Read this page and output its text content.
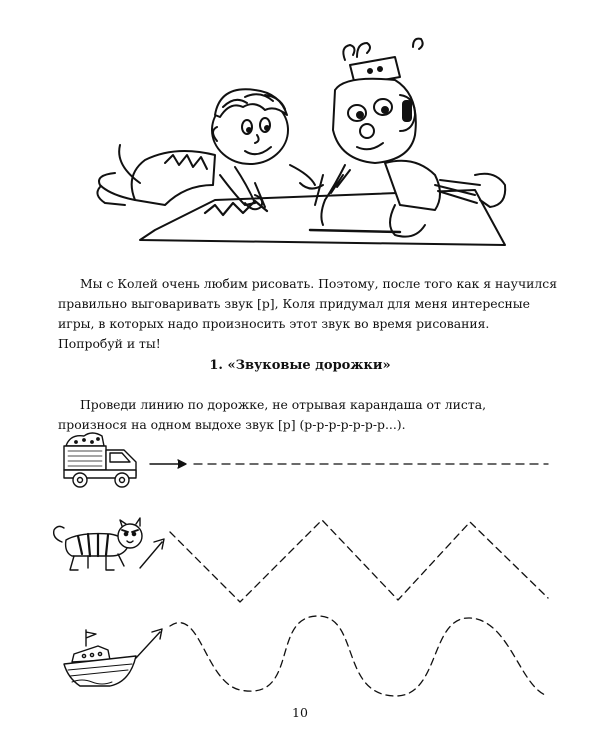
Мы с Колей очень любим рисовать. Поэтому, после того как я научился правильно выговаривать звук [р], Коля придумал для меня интересные игры, в которых надо произносить этот звук во время рисования. Попробуй и ты!

1. «Звуковые дорожки»

Проведи линию по дорожке, не отрывая карандаша от листа, произнося на одном выдохе звук [р] (р-р-р-р-р-р-р...).

10
